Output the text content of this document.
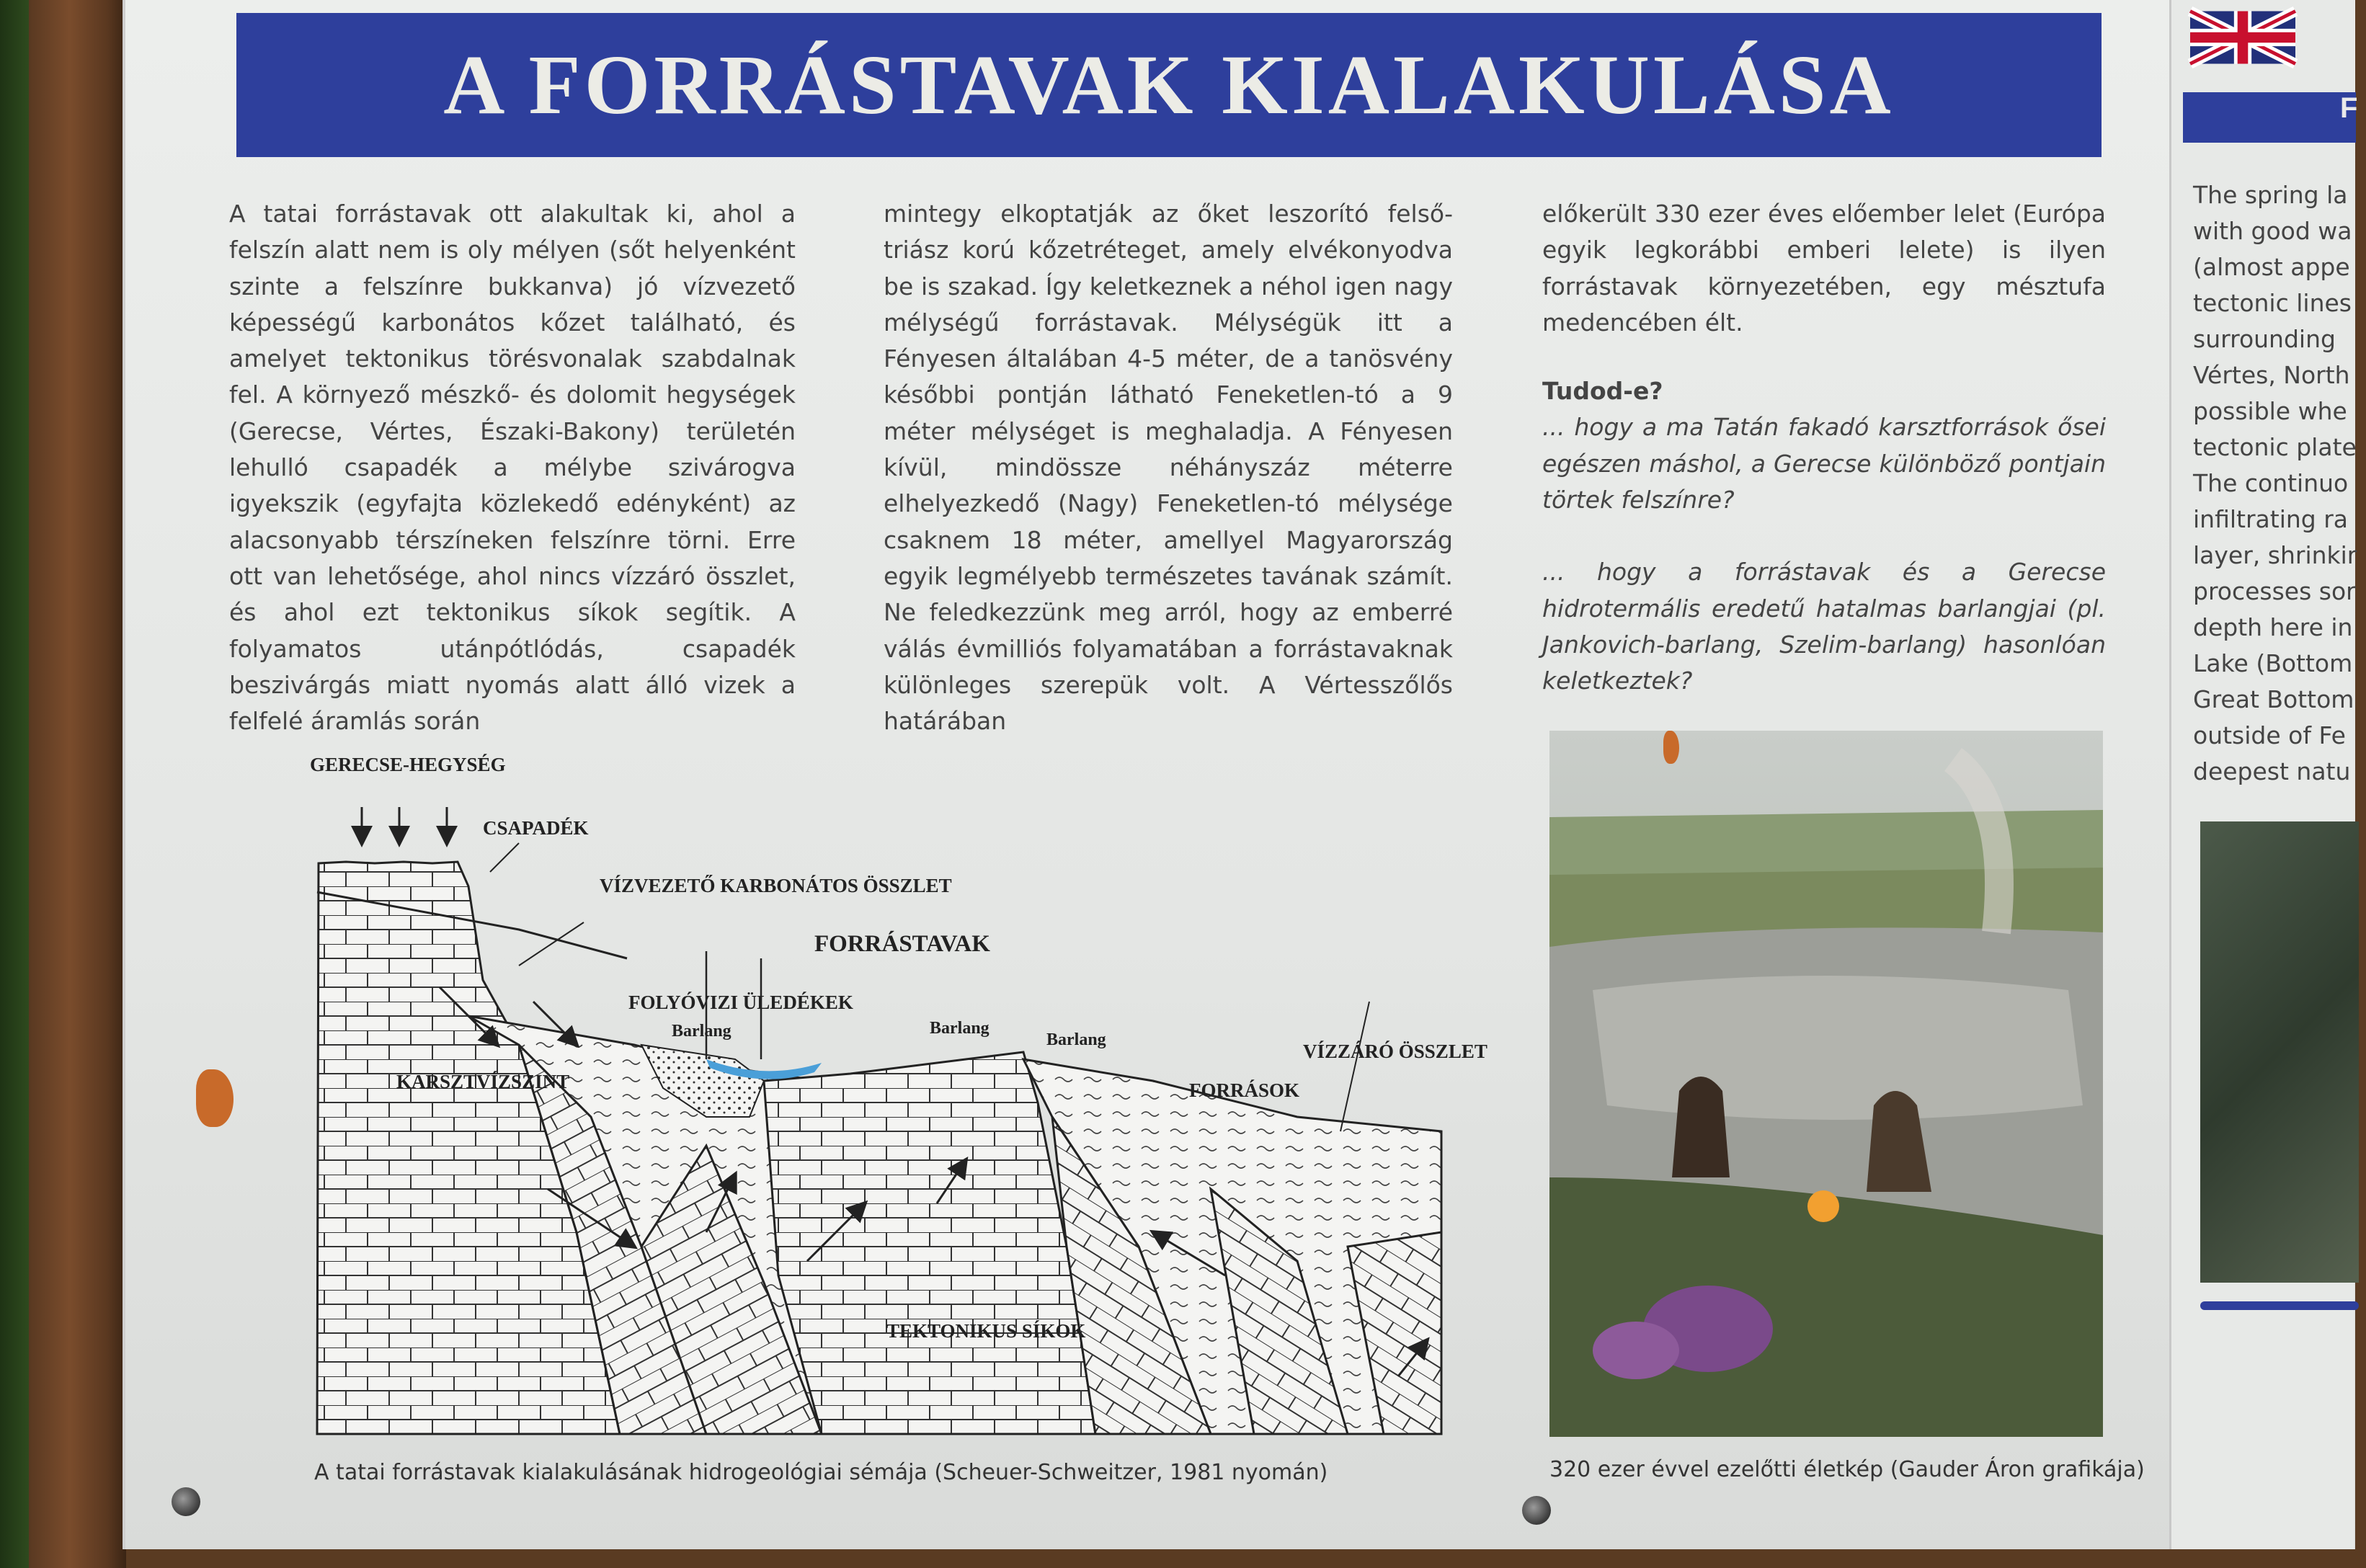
A FORRÁSTAVAK KIALAKULÁSA

A tatai forrástavak ott alakultak ki, ahol a felszín alatt nem is oly mélyen (sőt helyenként szinte a felszínre bukkanva) jó vízvezető képességű karbonátos kőzet található, és amelyet tektonikus törésvonalak szabdalnak fel. A környező mészkő- és dolomit hegységek (Gerecse, Vértes, Északi-Bakony) területén lehulló csapadék a mélybe szivárogva igyekszik (egyfajta közlekedő edényként) az alacsonyabb térszíneken felszínre törni. Erre ott van lehetősége, ahol nincs vízzáró összlet, és ahol ezt tektonikus síkok segítik. A folyamatos utánpótlódás, csapadék beszivárgás miatt nyomás alatt álló vizek a felfelé áramlás során

mintegy elkoptatják az őket leszorító felső-triász korú kőzetréteget, amely elvékonyodva be is szakad. Így keletkeznek a néhol igen nagy mélységű forrástavak. Mélységük itt a Fényesen általában 4-5 méter, de a tanösvény későbbi pontján látható Feneketlen-tó a 9 méter mélységet is meghaladja. A Fényesen kívül, mindössze néhányszáz méterre elhelyezkedő (Nagy) Feneketlen-tó mélysége csaknem 18 méter, amellyel Magyarország egyik legmélyebb természetes tavának számít. Ne feledkezzünk meg arról, hogy az emberré válás évmilliós folyamatában a forrástavaknak különleges szerepük volt. A Vértesszőlős határában

előkerült 330 ezer éves előember lelet (Európa egyik legkorábbi emberi lelete) is ilyen forrástavak környezetében, egy mésztufa medencében élt.

Tudod-e?

... hogy a ma Tatán fakadó karsztforrások ősei egészen máshol, a Gerecse különböző pontjain törtek felszínre?

... hogy a forrástavak és a Gerecse hidrotermális eredetű hatalmas barlangjai (pl. Jankovich-barlang, Szelim-barlang) hasonlóan keletkeztek?

GERECSE-HEGYSÉG
CSAPADÉK
VÍZVEZETŐ KARBONÁTOS ÖSSZLET
FORRÁSTAVAK
FOLYÓVIZI ÜLEDÉKEK
Barlang	Barlang
Barlang
KARSZTVÍZSZINT
VÍZZÁRÓ ÖSSZLET
FORRÁSOK
TEKTONIKUS SÍKOK
A tatai forrástavak kialakulásának hidrogeológiai sémája (Scheuer-Schweitzer, 1981 nyomán)	320 ezer évvel ezelőtti életkép (Gauder Áron grafikája)
F
The spring la
with good wa
(almost appe
tectonic lines
surrounding
Vértes, North
possible whe
tectonic plate
The continuo
infiltrating ra
layer, shrinkir
processes sor
depth here in
Lake (Bottom
Great Bottom
outside of Fe
deepest natu
